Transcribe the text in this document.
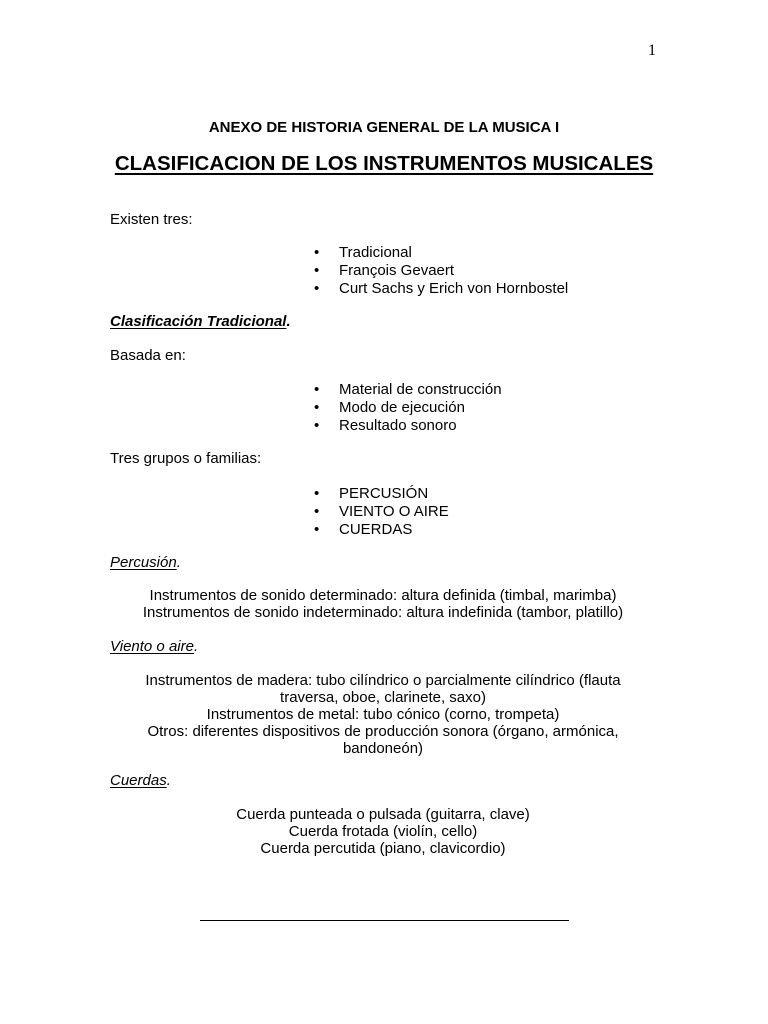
1
ANEXO DE HISTORIA GENERAL DE LA MUSICA I
CLASIFICACION DE LOS INSTRUMENTOS MUSICALES
Existen tres:
• Tradicional
• François Gevaert
• Curt Sachs y Erich von Hornbostel
Clasificación Tradicional.
Basada en:
• Material de construcción
• Modo de ejecución
• Resultado sonoro
Tres grupos o familias:
• PERCUSIÓN
• VIENTO O AIRE
• CUERDAS
Percusión.
Instrumentos de sonido determinado: altura definida (timbal, marimba)
Instrumentos de sonido indeterminado: altura indefinida (tambor, platillo)
Viento o aire.
Instrumentos de madera: tubo cilíndrico o parcialmente cilíndrico (flauta traversa, oboe, clarinete, saxo)
Instrumentos de metal: tubo cónico (corno, trompeta)
Otros: diferentes dispositivos de producción sonora (órgano, armónica, bandoneón)
Cuerdas.
Cuerda punteada o pulsada (guitarra, clave)
Cuerda frotada (violín, cello)
Cuerda percutida (piano, clavicordio)
